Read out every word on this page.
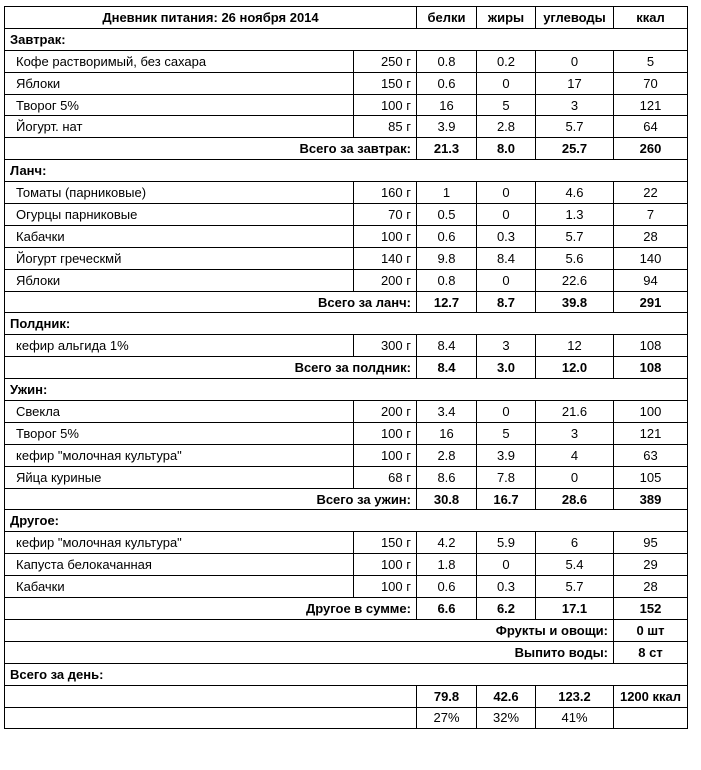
Дневник питания: 26 ноября 2014		белки	жиры	углеводы	ккал
Завтрак:					
Кофе растворимый, без сахара	250 г	0.8	0.2	0	5
Яблоки	150 г	0.6	0	17	70
Творог 5%	100 г	16	5	3	121
Йогурт. нат	85 г	3.9	2.8	5.7	64
Всего за завтрак:		21.3	8.0	25.7	260
Ланч:					
Томаты (парниковые)	160 г	1	0	4.6	22
Огурцы парниковые	70 г	0.5	0	1.3	7
Кабачки	100 г	0.6	0.3	5.7	28
Йогурт греческмй	140 г	9.8	8.4	5.6	140
Яблоки	200 г	0.8	0	22.6	94
Всего за ланч:		12.7	8.7	39.8	291
Полдник:					
кефир альгида 1%	300 г	8.4	3	12	108
Всего за полдник:		8.4	3.0	12.0	108
Ужин:					
Свекла	200 г	3.4	0	21.6	100
Творог 5%	100 г	16	5	3	121
кефир "молочная культура"	100 г	2.8	3.9	4	63
Яйца куриные	68 г	8.6	7.8	0	105
Всего за ужин:		30.8	16.7	28.6	389
Другое:					
кефир "молочная культура"	150 г	4.2	5.9	6	95
Капуста белокачанная	100 г	1.8	0	5.4	29
Кабачки	100 г	0.6	0.3	5.7	28
Другое в сумме:		6.6	6.2	17.1	152
Фрукты и овощи:					0 шт
Выпито воды:					8 ст
Всего за день:					
		79.8	42.6	123.2	1200 ккал
		27%	32%	41%	
